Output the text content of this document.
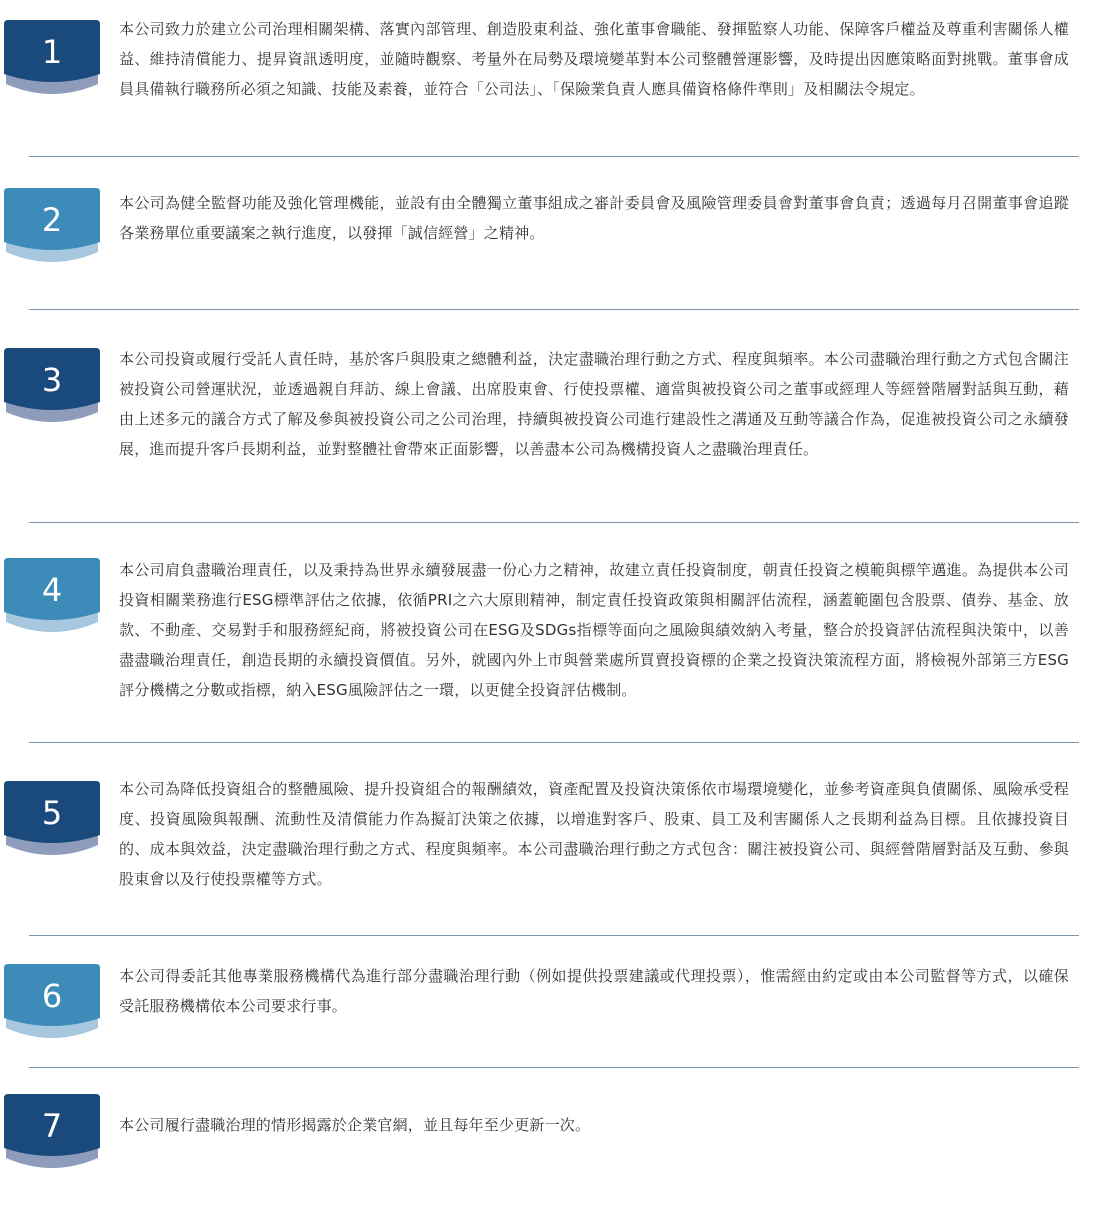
1

本公司致力於建立公司治理相關架構、落實內部管理、創造股東利益、強化董事會職能、發揮監察人功能、保障客戶權益及尊重利害關係人權益、維持清償能力、提昇資訊透明度，並隨時觀察、考量外在局勢及環境變革對本公司整體營運影響，及時提出因應策略面對挑戰。董事會成員具備執行職務所必須之知識、技能及素養，並符合「公司法」、「保險業負責人應具備資格條件準則」及相關法令規定。

2	本公司為健全監督功能及強化管理機能，並設有由全體獨立董事組成之審計委員會及風險管理委員會對董事會負責；透過每月召開董事會追蹤各業務單位重要議案之執行進度，以發揮「誠信經營」之精神。

3

本公司投資或履行受託人責任時，基於客戶與股東之總體利益，決定盡職治理行動之方式、程度與頻率。本公司盡職治理行動之方式包含關注被投資公司營運狀況，並透過親自拜訪、線上會議、出席股東會、行使投票權、適當與被投資公司之董事或經理人等經營階層對話與互動，藉由上述多元的議合方式了解及參與被投資公司之公司治理，持續與被投資公司進行建設性之溝通及互動等議合作為，促進被投資公司之永續發展，進而提升客戶長期利益，並對整體社會帶來正面影響，以善盡本公司為機構投資人之盡職治理責任。

4

本公司肩負盡職治理責任，以及秉持為世界永續發展盡一份心力之精神，故建立責任投資制度，朝責任投資之模範與標竿邁進。為提供本公司投資相關業務進行ESG標準評估之依據，依循PRI之六大原則精神，制定責任投資政策與相關評估流程，涵蓋範圍包含股票、債券、基金、放款、不動產、交易對手和服務經紀商，將被投資公司在ESG及SDGs指標等面向之風險與績效納入考量，整合於投資評估流程與決策中，以善盡盡職治理責任，創造長期的永續投資價值。另外，就國內外上市與營業處所買賣投資標的企業之投資決策流程方面，將檢視外部第三方ESG評分機構之分數或指標，納入ESG風險評估之一環，以更健全投資評估機制。

5

本公司為降低投資組合的整體風險、提升投資組合的報酬績效，資產配置及投資決策係依市場環境變化，並參考資產與負債關係、風險承受程度、投資風險與報酬、流動性及清償能力作為擬訂決策之依據，以增進對客戶、股東、員工及利害關係人之長期利益為目標。且依據投資目的、成本與效益，決定盡職治理行動之方式、程度與頻率。本公司盡職治理行動之方式包含：關注被投資公司、與經營階層對話及互動、參與股東會以及行使投票權等方式。

6

本公司得委託其他專業服務機構代為進行部分盡職治理行動（例如提供投票建議或代理投票），惟需經由約定或由本公司監督等方式，以確保受託服務機構依本公司要求行事。

7	本公司履行盡職治理的情形揭露於企業官網，並且每年至少更新一次。
